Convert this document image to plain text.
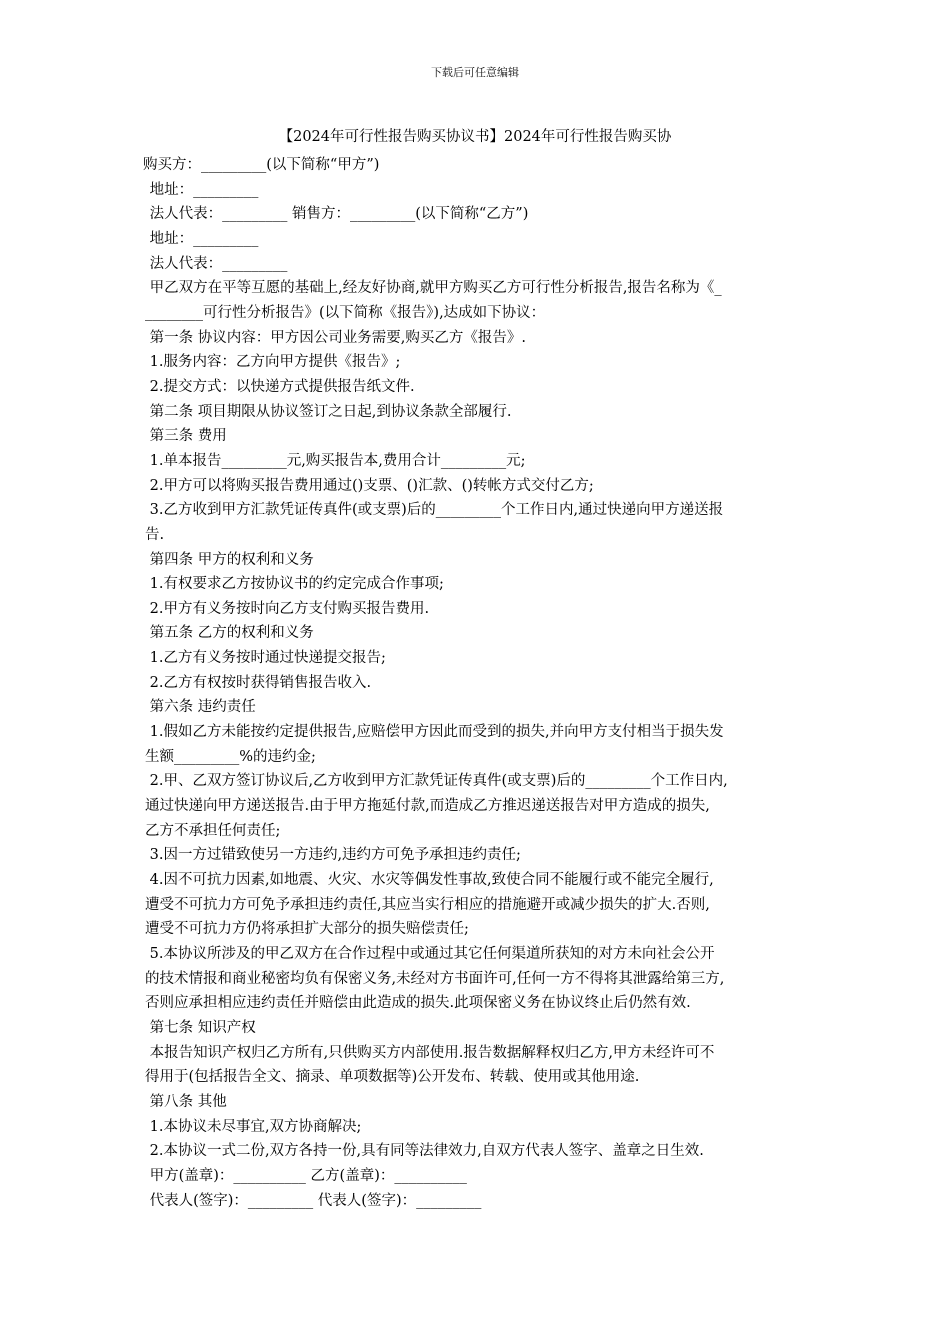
下载后可任意编辑
【2024年可行性报告购买协议书】2024年可行性报告购买协

购买方：_________(以下简称“甲方”)

地址：_________

法人代表：_________ 销售方：_________(以下简称“乙方”)

地址：_________

法人代表：_________

甲乙双方在平等互愿的基础上,经友好协商,就甲方购买乙方可行性分析报告,报告名称为《_

________可行性分析报告》(以下简称《报告》),达成如下协议：

第一条 协议内容：甲方因公司业务需要,购买乙方《报告》.

1.服务内容：乙方向甲方提供《报告》;

2.提交方式：以快递方式提供报告纸文件.

第二条 项目期限从协议签订之日起,到协议条款全部履行.

第三条 费用

1.单本报告_________元,购买报告本,费用合计_________元;

2.甲方可以将购买报告费用通过()支票、()汇款、()转帐方式交付乙方;

3.乙方收到甲方汇款凭证传真件(或支票)后的_________个工作日内,通过快递向甲方递送报

告.

第四条 甲方的权利和义务

1.有权要求乙方按协议书的约定完成合作事项;

2.甲方有义务按时向乙方支付购买报告费用.

第五条 乙方的权利和义务

1.乙方有义务按时通过快递提交报告;

2.乙方有权按时获得销售报告收入.

第六条 违约责任

1.假如乙方未能按约定提供报告,应赔偿甲方因此而受到的损失,并向甲方支付相当于损失发

生额_________%的违约金;

2.甲、乙双方签订协议后,乙方收到甲方汇款凭证传真件(或支票)后的_________个工作日内,

通过快递向甲方递送报告.由于甲方拖延付款,而造成乙方推迟递送报告对甲方造成的损失,

乙方不承担任何责任;

3.因一方过错致使另一方违约,违约方可免予承担违约责任;

4.因不可抗力因素,如地震、火灾、水灾等偶发性事故,致使合同不能履行或不能完全履行,

遭受不可抗力方可免予承担违约责任,其应当实行相应的措施避开或减少损失的扩大.否则,

遭受不可抗力方仍将承担扩大部分的损失赔偿责任;

5.本协议所涉及的甲乙双方在合作过程中或通过其它任何渠道所获知的对方未向社会公开

的技术情报和商业秘密均负有保密义务,未经对方书面许可,任何一方不得将其泄露给第三方,

否则应承担相应违约责任并赔偿由此造成的损失.此项保密义务在协议终止后仍然有效.

第七条 知识产权

本报告知识产权归乙方所有,只供购买方内部使用.报告数据解释权归乙方,甲方未经许可不

得用于(包括报告全文、摘录、单项数据等)公开发布、转载、使用或其他用途.

第八条 其他

1.本协议未尽事宜,双方协商解决;

2.本协议一式二份,双方各持一份,具有同等法律效力,自双方代表人签字、盖章之日生效.

甲方(盖章)：__________ 乙方(盖章)：__________

代表人(签字)：_________ 代表人(签字)：_________
